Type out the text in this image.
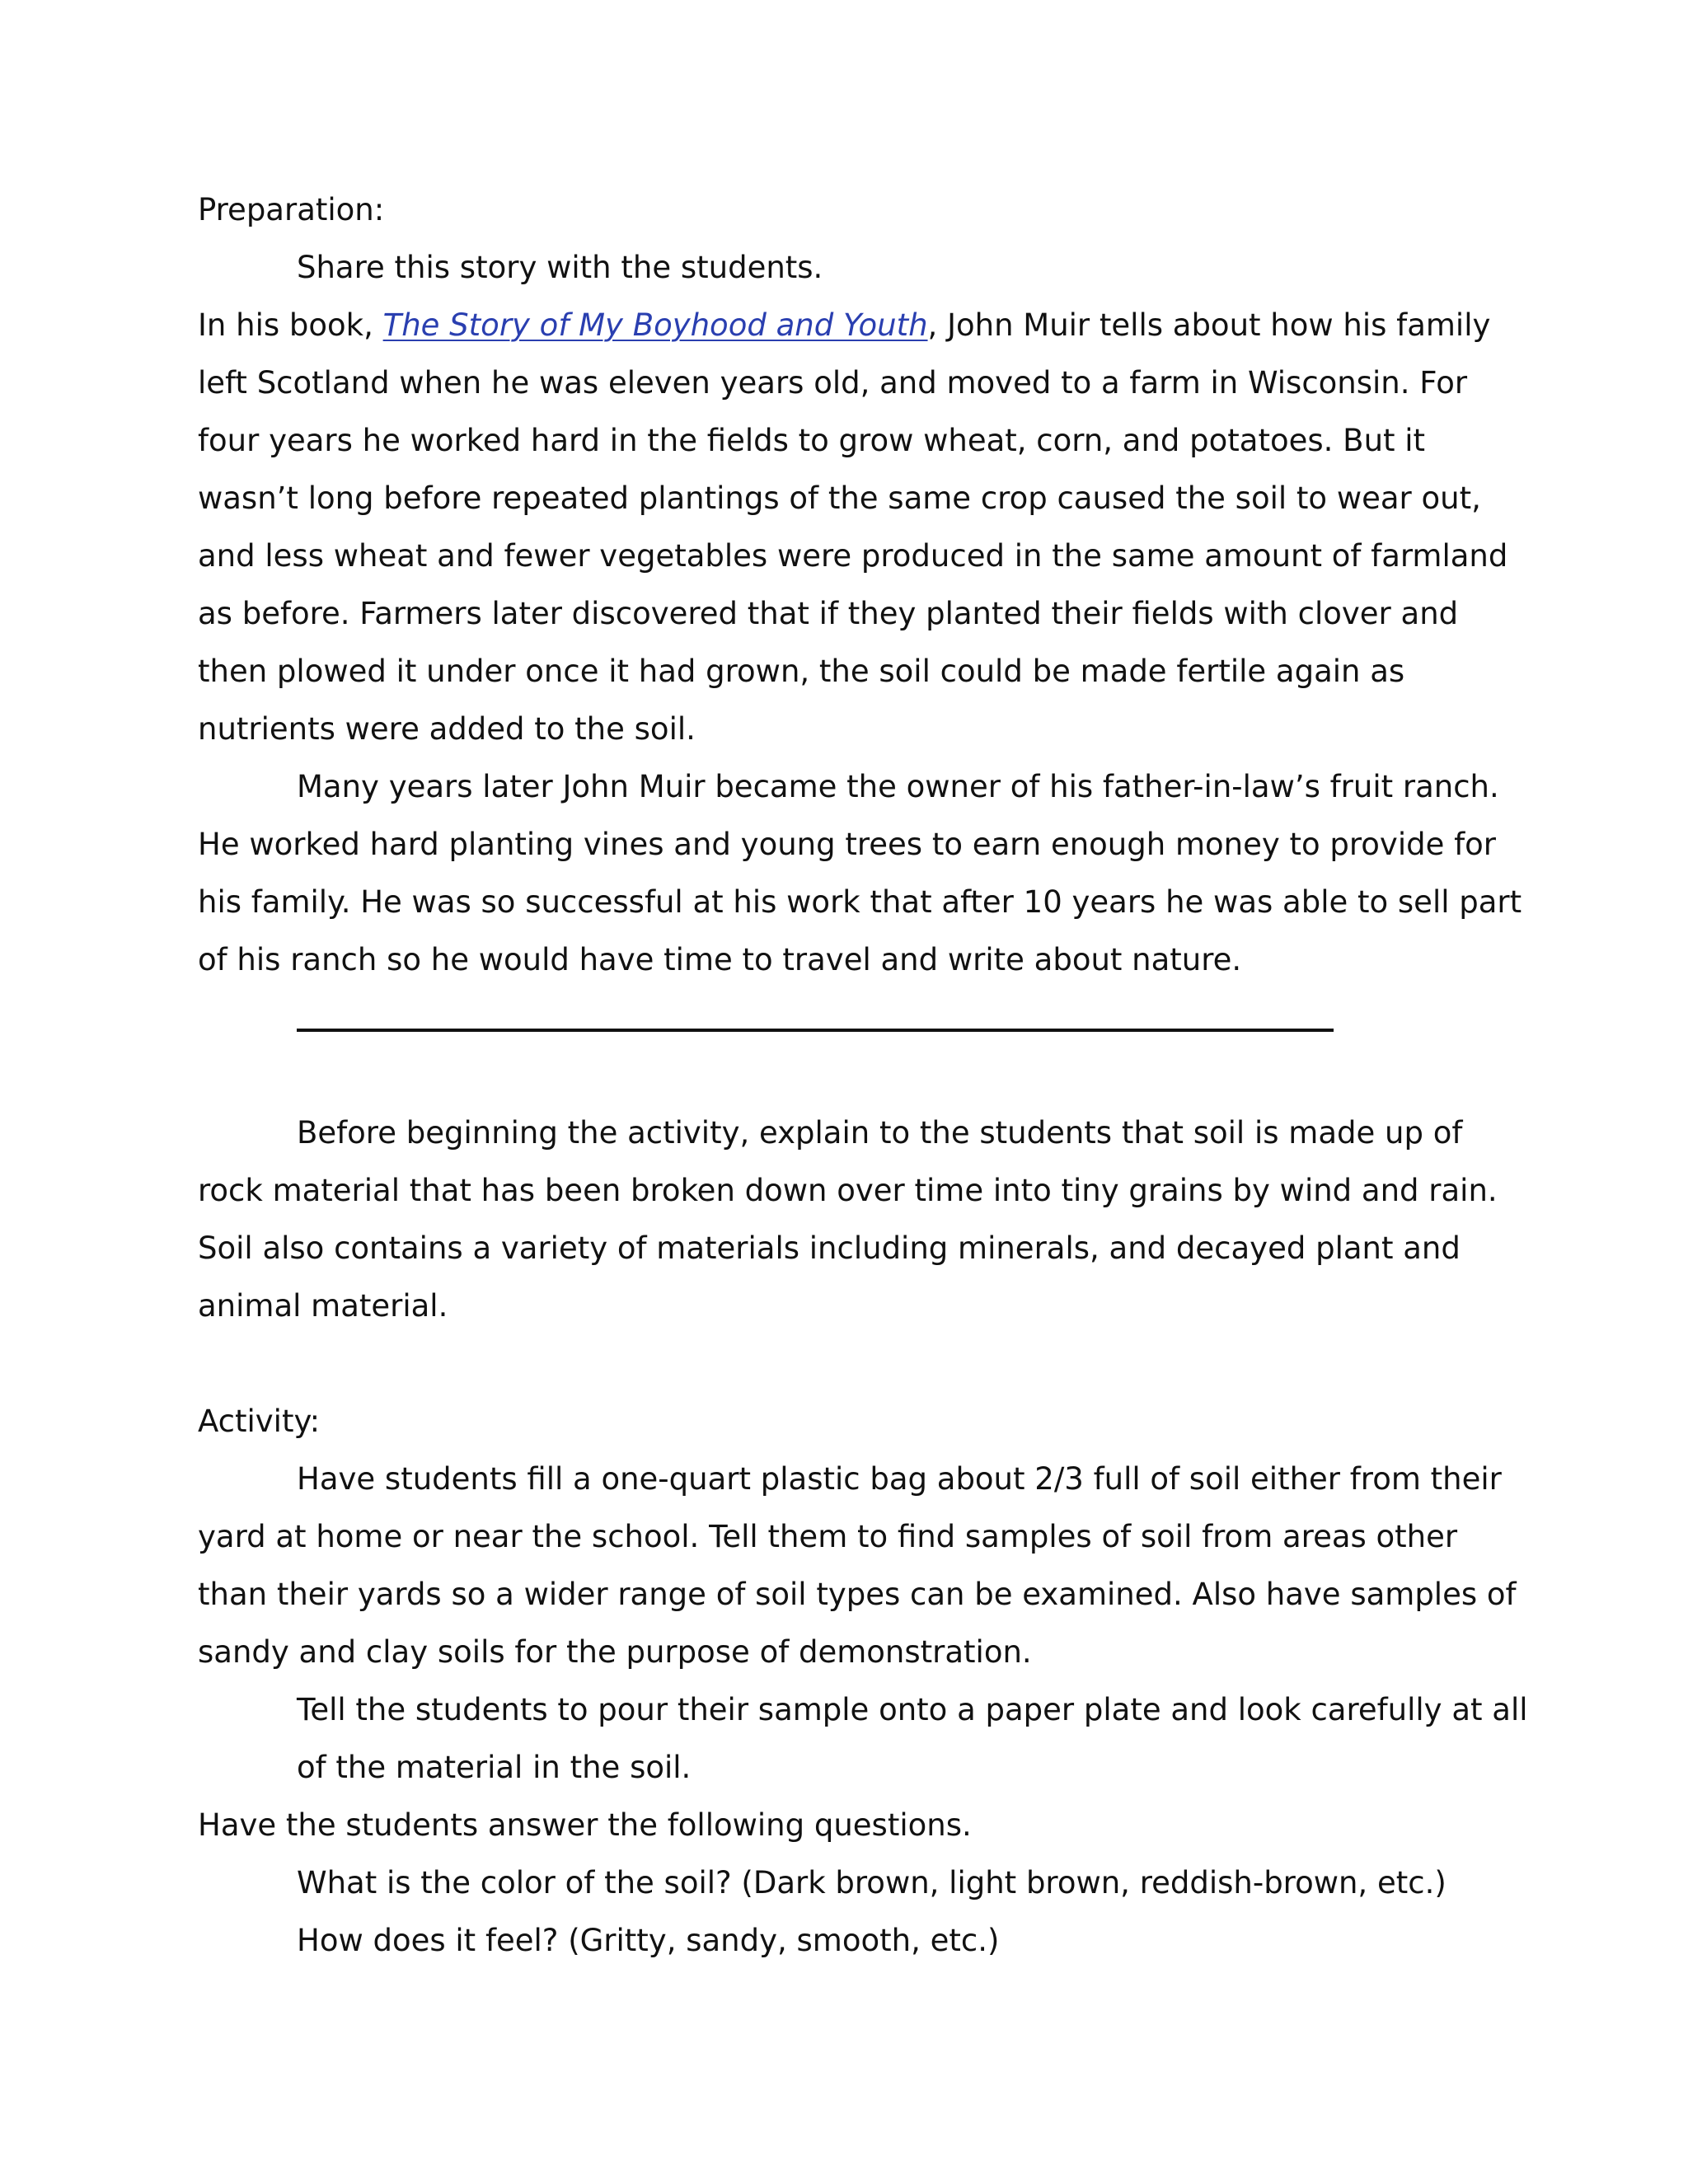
Preparation:
Share this story with the students.
In his book, The Story of My Boyhood and Youth, John Muir tells about how his family
left Scotland when he was eleven years old, and moved to a farm in Wisconsin. For
four years he worked hard in the fields to grow wheat, corn, and potatoes. But it
wasn’t long before repeated plantings of the same crop caused the soil to wear out,
and less wheat and fewer vegetables were produced in the same amount of farmland
as before. Farmers later discovered that if they planted their fields with clover and
then plowed it under once it had grown, the soil could be made fertile again as
nutrients were added to the soil.
Many years later John Muir became the owner of his father-in-law’s fruit ranch.
He worked hard planting vines and young trees to earn enough money to provide for
his family. He was so successful at his work that after 10 years he was able to sell part
of his ranch so he would have time to travel and write about nature.
Before beginning the activity, explain to the students that soil is made up of
rock material that has been broken down over time into tiny grains by wind and rain.
Soil also contains a variety of materials including minerals, and decayed plant and
animal material.
Activity:
Have students fill a one-quart plastic bag about 2/3 full of soil either from their
yard at home or near the school. Tell them to find samples of soil from areas other
than their yards so a wider range of soil types can be examined. Also have samples of
sandy and clay soils for the purpose of demonstration.
Tell the students to pour their sample onto a paper plate and look carefully at all
of the material in the soil.
Have the students answer the following questions.
What is the color of the soil? (Dark brown, light brown, reddish-brown, etc.)
How does it feel? (Gritty, sandy, smooth, etc.)
